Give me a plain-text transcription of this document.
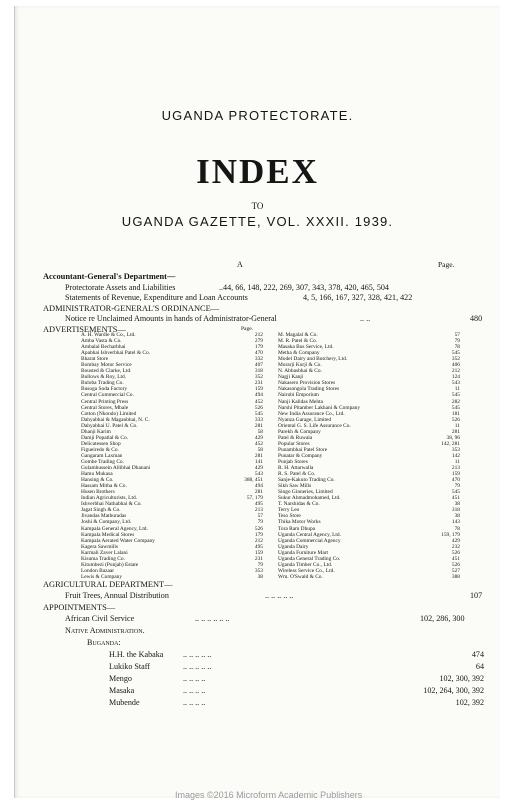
UGANDA PROTECTORATE.
INDEX
TO
UGANDA GAZETTE, VOL. XXXII. 1939.
A	Page.
Accountant-General's Department—
Protectorate Assets and Liabilities	..44, 66, 148, 222, 269, 307, 343, 378, 420, 465, 504
Statements of Revenue, Expenditure and Loan Accounts	4, 5, 166, 167, 327, 328, 421, 422
ADMINISTRATOR-GENERAL'S ORDINANCE—
Notice re Unclaimed Amounts in hands of Administrator-General	.. ..	480
ADVERTISEMENTS—	Page.
A. H. Wardle & Co., Ltd.	212
Amba Vasta & Co.	279
Ambalal Becharbhai	179
Apabhai Ishverbhai Patel & Co.	470
Bharat Store	332
Bombay Motor Service	407
Bousted & Clarke, Ltd.	318
Bullows & Roy, Ltd.	352
Buloba Trading Co.	231
Busoga Soda Factory	159
Central Commercial Co.	494
Central Printing Press	452
Central Stores, Mbale	526
Cotton (Nkondo) Limited	545
Dahyabhai & Maganbhai, N. C.	333
Dahyabhai U. Patel & Co.	281
Dhanji Karim	58
Damji Popatlal & Co.	429
Delicatessen Shop	452
Figueiredo & Co.	58
Gangaram Laxman	281
Gombe Trading Co.	141
Gulamhussein Allibhai Dhanani	429
Hamu Mukasa	543
Hansing & Co.	388, 451
Hassam Mitha & Co.	494
Husen Brothers	281
Indian Agriculturists, Ltd.	57, 179
Ishverbhai Nathabhai & Co.	495
Jagat Singh & Co.	213
Jivandas Mathuradas	57
Joshi & Company, Ltd.	79
Kampala General Agency, Ltd.	526
Kampala Medical Stores	179
Kampala Aerated Water Company	212
Kagera Sawmills	495
Karmali Zaver Lalani	159
Kisuma Trading Co.	231
Kitumbezi (Punjab) Estate	79
London Bazaar	353
Lewis & Company	38
M. Magalal & Co.	57
M. R. Patel & Co.	79
Masaka Bus Service, Ltd.	78
Metha & Company	545
Model Dairy and Butchery, Ltd.	352
Morarji Kurji & Co.	406
N. Abbasbhai & Co.	212
Nagji Kanji	124
Nakasero Provision Stores	543
Nakasongola Trading Stores	11
Nairobi Emporium	545
Nanji Kalidas Mehta	282
Narshi Pitamber Lakhani & Company	545
New India Assurance Co., Ltd.	181
Nyanza Garage, Limited	526
Oriental G. S. Life Assurance Co.	11
Parekh & Company	281
Patel & Ruwala	38, 96
Popular Stores	142, 281
Punambhai Patel Store	353
Punatar & Company	142
Punjab Stores	11
R. H. Attarwalla	213
R. S. Patel & Co.	159
Sanje-Kakuto Trading Co.	470
Sikh Saw Mills	79
Singo Ginneries, Limited	545
Sukur Ahmadmohamed, Ltd.	451
T. Narshidas & Co.	38
Terry Leo	318
Teso Store	38
Thika Motor Works	143
Tora Ram Dhupa	78
Uganda Central Agency, Ltd.	159, 179
Uganda Commercial Agency	429
Uganda Dairy	232
Uganda Furniture Mart	526
Uganda General Trading Co.	451
Uganda Timber Co., Ltd.	526
Wireless Service Co., Ltd.	527
Wm. O'Swald & Co.	388
AGRICULTURAL DEPARTMENT—
Fruit Trees, Annual Distribution	.. .. .. .. ..	107
APPOINTMENTS—
African Civil Service	.. .. .. .. .. ..	102, 286, 300
Native Administration.
Buganda:
H.H. the Kabaka .. .. .. .. ..	474
Lukiko Staff	.. .. .. .. ..	64
Mengo	.. .. .. ..	102, 300, 392
Masaka	.. .. .. ..	102, 264, 300, 392
Mubende	.. .. .. ..	102, 392
Images ©2016 Microform Academic Publishers
